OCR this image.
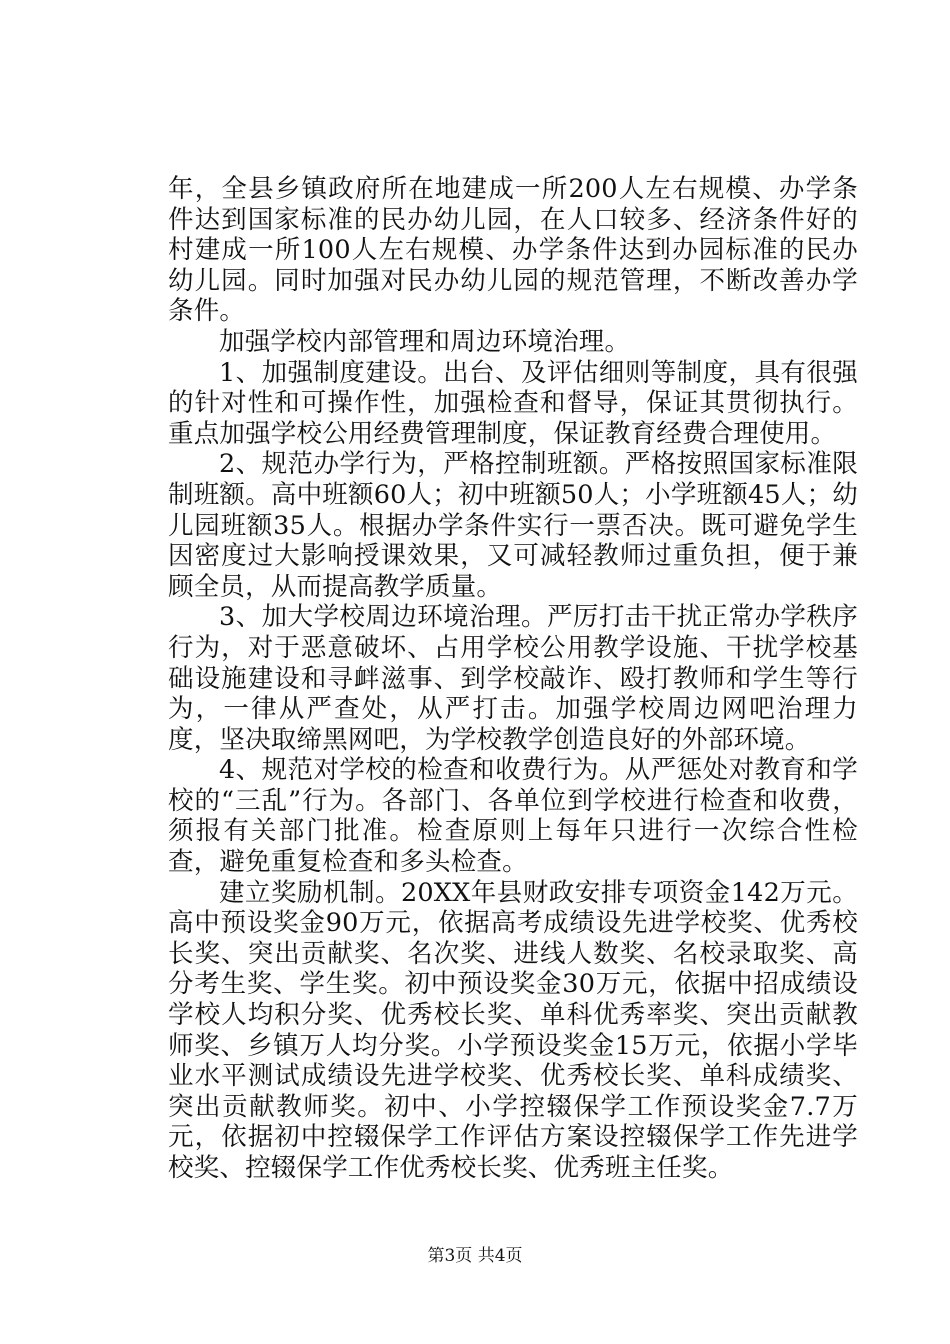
年，全县乡镇政府所在地建成一所200人左右规模、办学条件达到国家标准的民办幼儿园，在人口较多、经济条件好的村建成一所100人左右规模、办学条件达到办园标准的民办幼儿园。同时加强对民办幼儿园的规范管理，不断改善办学条件。

加强学校内部管理和周边环境治理。

1、加强制度建设。出台、及评估细则等制度，具有很强的针对性和可操作性，加强检查和督导，保证其贯彻执行。重点加强学校公用经费管理制度，保证教育经费合理使用。

2、规范办学行为，严格控制班额。严格按照国家标准限制班额。高中班额60人；初中班额50人；小学班额45人；幼儿园班额35人。根据办学条件实行一票否决。既可避免学生因密度过大影响授课效果，又可减轻教师过重负担，便于兼顾全员，从而提高教学质量。

3、加大学校周边环境治理。严厉打击干扰正常办学秩序行为，对于恶意破坏、占用学校公用教学设施、干扰学校基础设施建设和寻衅滋事、到学校敲诈、殴打教师和学生等行为，一律从严查处，从严打击。加强学校周边网吧治理力度，坚决取缔黑网吧，为学校教学创造良好的外部环境。

4、规范对学校的检查和收费行为。从严惩处对教育和学校的“三乱”行为。各部门、各单位到学校进行检查和收费，须报有关部门批准。检查原则上每年只进行一次综合性检查，避免重复检查和多头检查。

建立奖励机制。20XX年县财政安排专项资金142万元。高中预设奖金90万元，依据高考成绩设先进学校奖、优秀校长奖、突出贡献奖、名次奖、进线人数奖、名校录取奖、高分考生奖、学生奖。初中预设奖金30万元，依据中招成绩设学校人均积分奖、优秀校长奖、单科优秀率奖、突出贡献教师奖、乡镇万人均分奖。小学预设奖金15万元，依据小学毕业水平测试成绩设先进学校奖、优秀校长奖、单科成绩奖、突出贡献教师奖。初中、小学控辍保学工作预设奖金7.7万元，依据初中控辍保学工作评估方案设控辍保学工作先进学校奖、控辍保学工作优秀校长奖、优秀班主任奖。

第3页 共4页
